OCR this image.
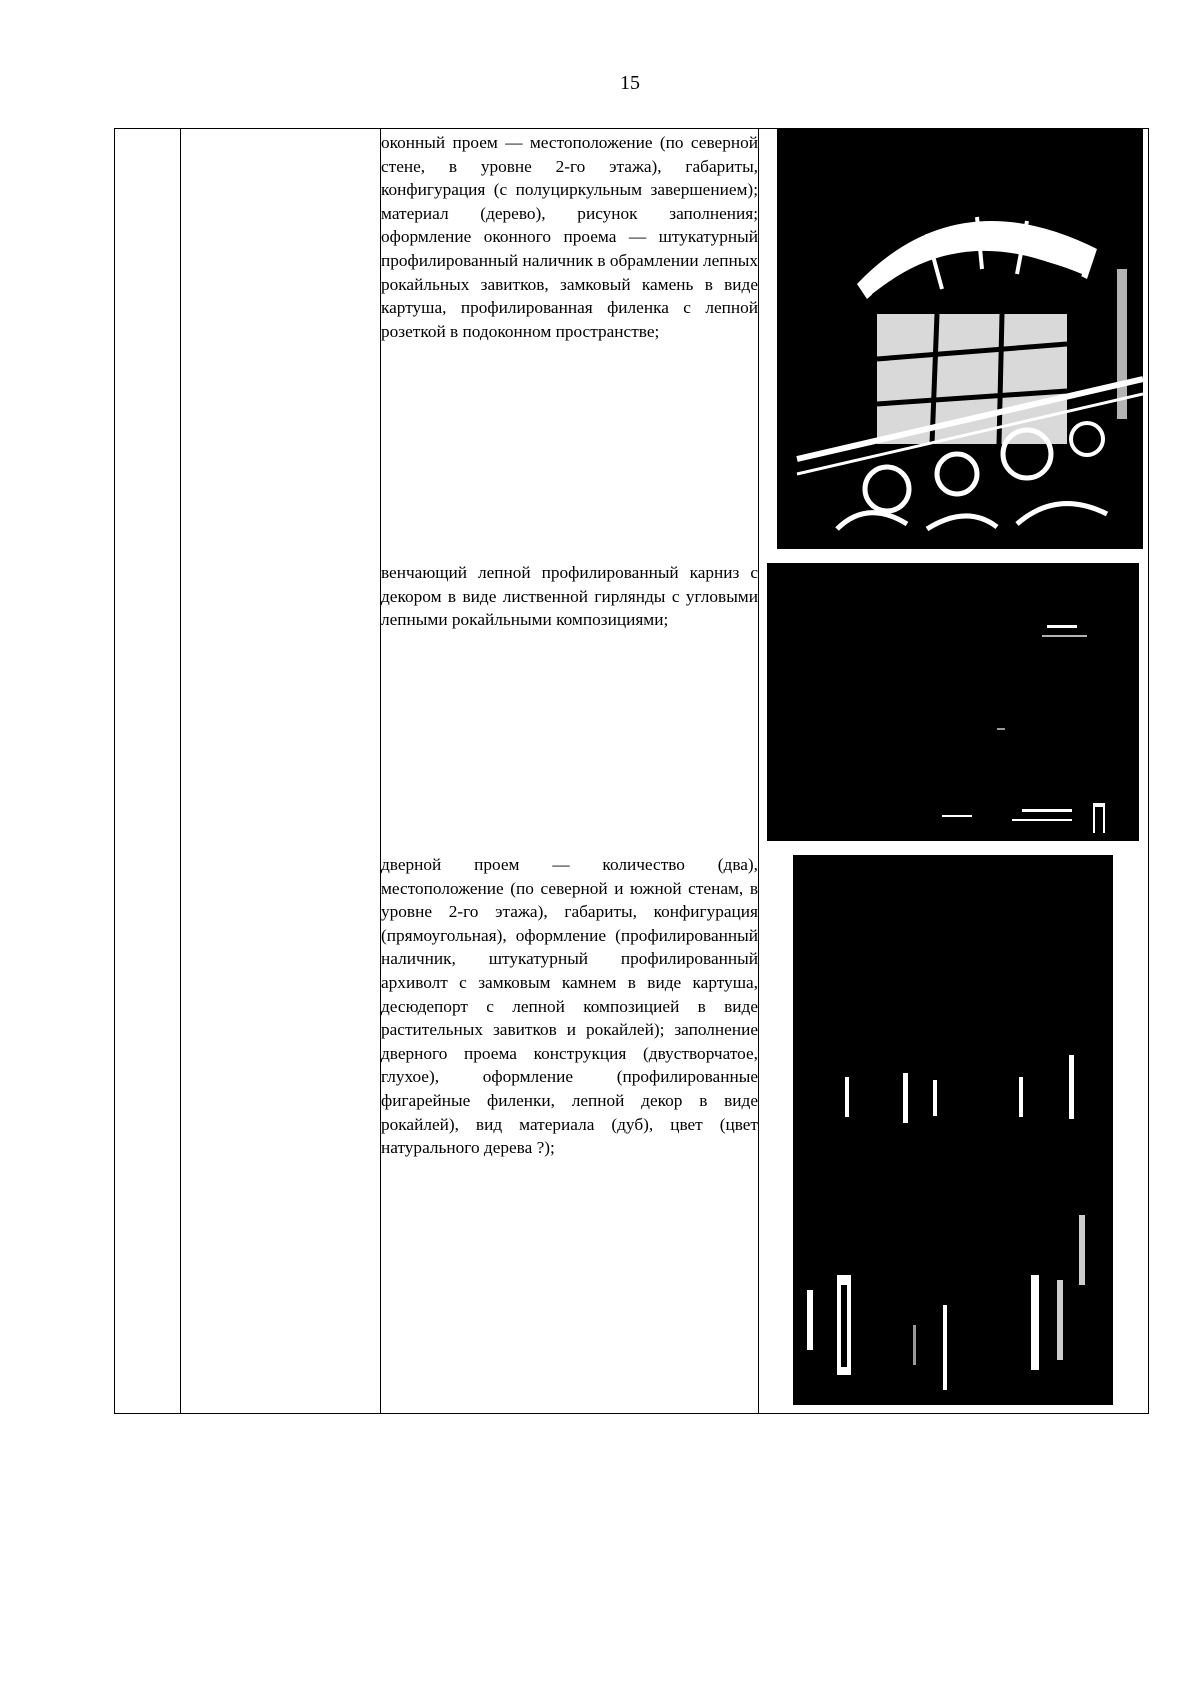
15

оконный проем — местоположение (по северной стене, в уровне 2-го этажа), габариты, конфигурация (с полуциркульным завершением); материал (дерево), рисунок заполнения; оформление оконного проема — штукатурный профилированный наличник в обрамлении лепных рокайльных завитков, замковый камень в виде картуша, профилированная филенка с лепной розеткой в подоконном пространстве;

венчающий лепной профилированный карниз с декором в виде лиственной гирлянды с угловыми лепными рокайльными композициями;

дверной проем — количество (два), местоположение (по северной и южной стенам, в уровне 2-го этажа), габариты, конфигурация (прямоугольная), оформление (профилированный наличник, штукатурный профилированный архиволт с замковым камнем в виде картуша, десюдепорт с лепной композицией в виде растительных завитков и рокайлей); заполнение дверного проема конструкция (двустворчатое, глухое), оформление (профилированные фигарейные филенки, лепной декор в виде рокайлей), вид материала (дуб), цвет (цвет натурального дерева ?);
